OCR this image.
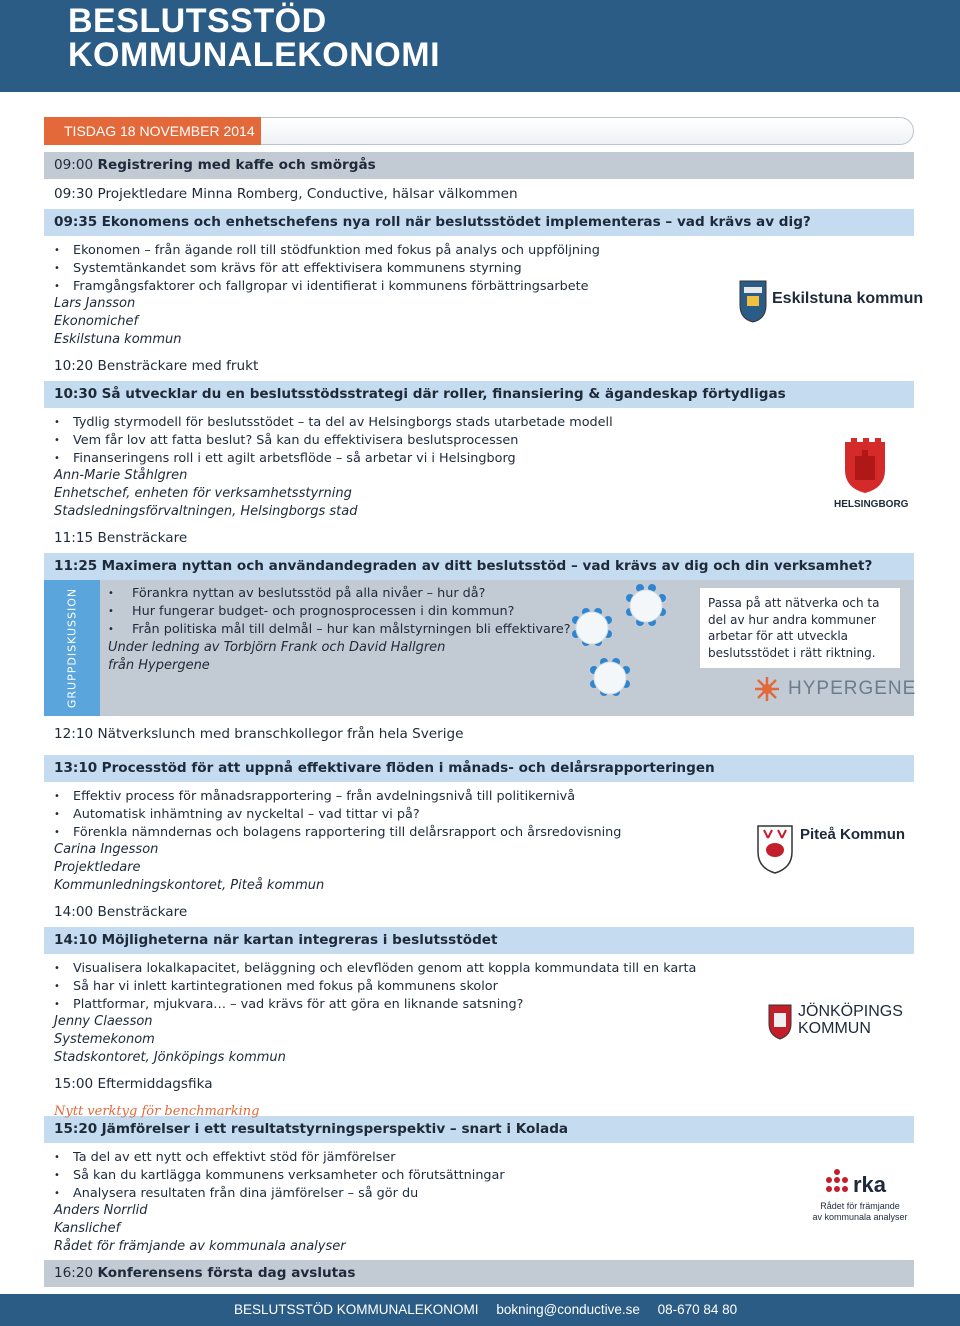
BESLUTSSTÖD
KOMMUNALEKONOMI
TISDAG 18 NOVEMBER 2014
09:00 Registrering med kaffe och smörgås
09:30 Projektledare Minna Romberg, Conductive, hälsar välkommen
09:35 Ekonomens och enhetschefens nya roll när beslutsstödet implementeras – vad krävs av dig?
• Ekonomen – från ägande roll till stödfunktion med fokus på analys och uppföljning
• Systemtänkandet som krävs för att effektivisera kommunens styrning
• Framgångsfaktorer och fallgropar vi identifierat i kommunens förbättringsarbete
Lars Jansson
Ekonomichef
Eskilstuna kommun
Eskilstuna kommun
10:20 Bensträckare med frukt
10:30 Så utvecklar du en beslutsstödsstrategi där roller, finansiering & ägandeskap förtydligas
• Tydlig styrmodell för beslutsstödet – ta del av Helsingborgs stads utarbetade modell
• Vem får lov att fatta beslut? Så kan du effektivisera beslutsprocessen
• Finanseringens roll i ett agilt arbetsflöde – så arbetar vi i Helsingborg
Ann-Marie Ståhlgren
Enhetschef, enheten för verksamhetsstyrning
Stadsledningsförvaltningen, Helsingborgs stad	HELSINGBORG
11:15 Bensträckare
11:25 Maximera nyttan och användandegraden av ditt beslutsstöd – vad krävs av dig och din verksamhet?
GRUPPDISKUSSION
•	Förankra nyttan av beslutsstöd på alla nivåer – hur då?
• Hur fungerar budget- och prognosprocessen i din kommun?
• Från politiska mål till delmål – hur kan målstyrningen bli effektivare?
Under ledning av Torbjörn Frank och David Hallgren
från Hypergene
Passa på att nätverka och ta del av hur andra kommuner arbetar för att utveckla beslutsstödet i rätt riktning.
HYPERGENE
12:10 Nätverkslunch med branschkollegor från hela Sverige
13:10 Processtöd för att uppnå effektivare flöden i månads- och delårsrapporteringen
• Effektiv process för månadsrapportering – från avdelningsnivå till politikernivå
• Automatisk inhämtning av nyckeltal – vad tittar vi på?
• Förenkla nämndernas och bolagens rapportering till delårsrapport och årsredovisning
Carina Ingesson
Projektledare
Kommunledningskontoret, Piteå kommun
Piteå Kommun
14:00 Bensträckare
14:10 Möjligheterna när kartan integreras i beslutsstödet
• Visualisera lokalkapacitet, beläggning och elevflöden genom att koppla kommundata till en karta
• Så har vi inlett kartintegrationen med fokus på kommunens skolor
• Plattformar, mjukvara… – vad krävs för att göra en liknande satsning?
Jenny Claesson
Systemekonom
Stadskontoret, Jönköpings kommun
JÖNKÖPINGS
KOMMUN
15:00 Eftermiddagsfika
15:20 Jämförelser i ett resultatstyrningsperspektiv – snart i Kolada
Nytt verktyg för benchmarking
• Ta del av ett nytt och effektivt stöd för jämförelser
• Så kan du kartlägga kommunens verksamheter och förutsättningar
• Analysera resultaten från dina jämförelser – så gör du
Anders Norrlid
Kanslichef
Rådet för främjande av kommunala analyser
rka
Rådet för främjande
av kommunala analyser
16:20 Konferensens första dag avslutas
BESLUTSSTÖD KOMMUNALEKONOMI bokning@conductive.se 08-670 84 80
